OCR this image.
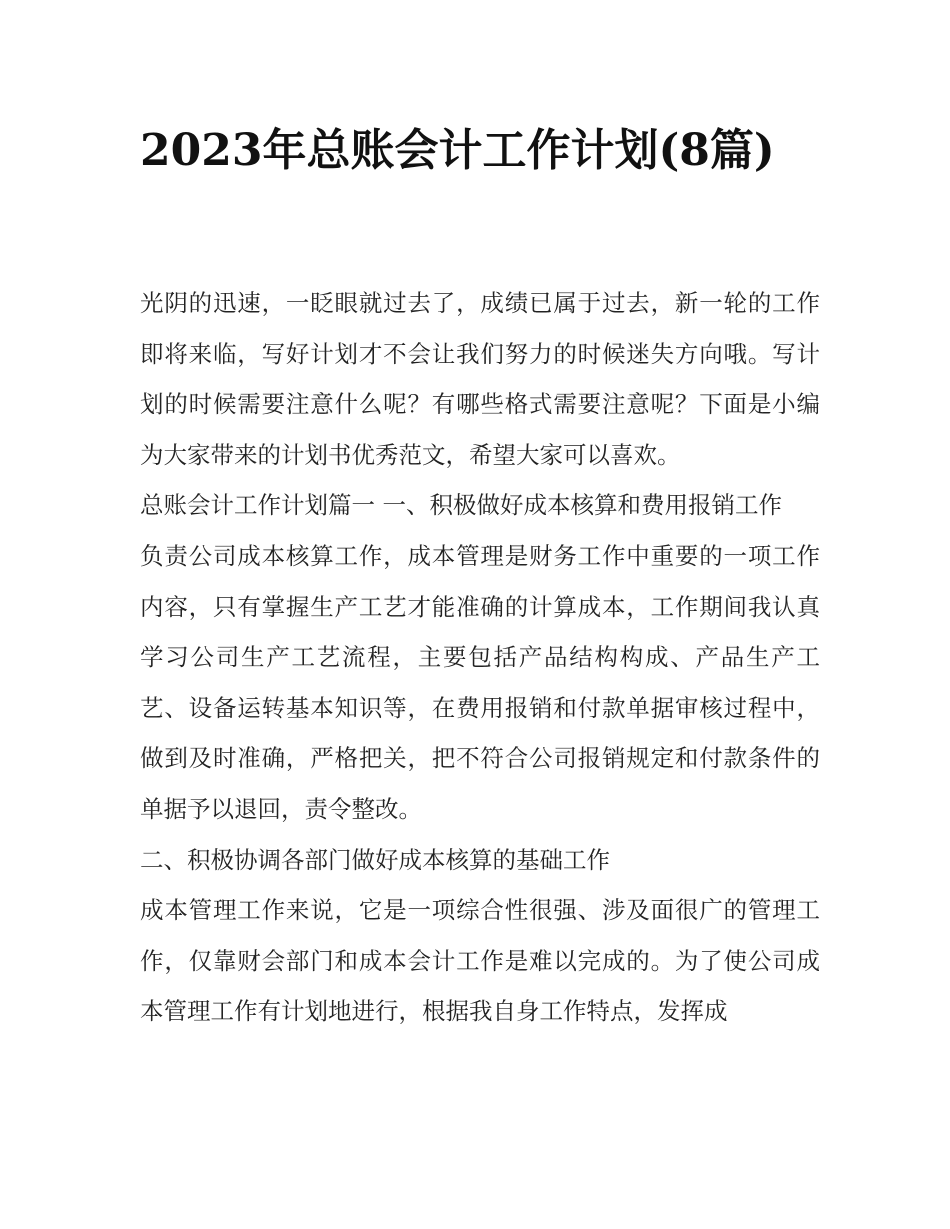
2023年总账会计工作计划(8篇)

光阴的迅速，一眨眼就过去了，成绩已属于过去，新一轮的工作即将来临，写好计划才不会让我们努力的时候迷失方向哦。写计划的时候需要注意什么呢？有哪些格式需要注意呢？下面是小编为大家带来的计划书优秀范文，希望大家可以喜欢。

总账会计工作计划篇一 一、积极做好成本核算和费用报销工作

负责公司成本核算工作，成本管理是财务工作中重要的一项工作内容，只有掌握生产工艺才能准确的计算成本，工作期间我认真学习公司生产工艺流程，主要包括产品结构构成、产品生产工艺、设备运转基本知识等，在费用报销和付款单据审核过程中，做到及时准确，严格把关，把不符合公司报销规定和付款条件的单据予以退回，责令整改。

二、积极协调各部门做好成本核算的基础工作

成本管理工作来说，它是一项综合性很强、涉及面很广的管理工作，仅靠财会部门和成本会计工作是难以完成的。为了使公司成本管理工作有计划地进行，根据我自身工作特点，发挥成
